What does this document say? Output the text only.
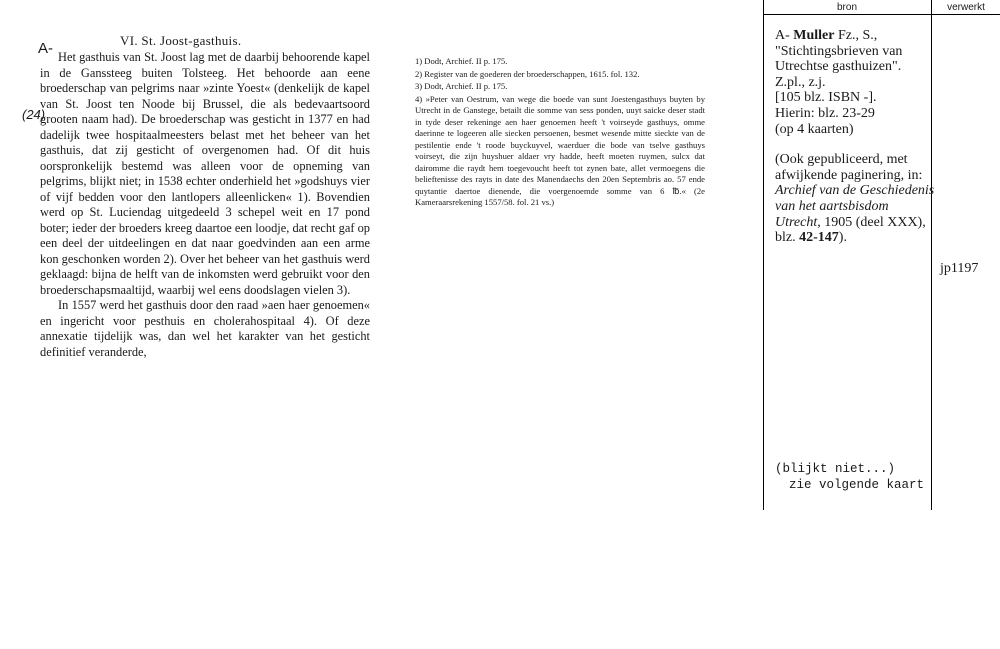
A-	VI. St. Joost-gasthuis.
(24)

Het gasthuis van St. Joost lag met de daarbij behoorende kapel in de Ganssteeg buiten Tolsteeg. Het behoorde aan eene broederschap van pelgrims naar »zinte Yoest« (denkelijk de kapel van St. Joost ten Noode bij Brussel, die als bedevaartsoord grooten naam had). De broederschap was gesticht in 1377 en had dadelijk twee hospitaalmeesters belast met het beheer van het gasthuis, dat zij gesticht of overgenomen had. Of dit huis oorspronkelijk bestemd was alleen voor de opneming van pelgrims, blijkt niet; in 1538 echter onderhield het »godshuys vier of vijf bedden voor den lantlopers alleenlicken« 1). Bovendien werd op St. Luciendag uitgedeeld 3 schepel weit en 17 pond boter; ieder der broeders kreeg daartoe een loodje, dat recht gaf op een deel der uitdeelingen en dat naar goedvinden aan een arme kon geschonken worden 2). Over het beheer van het gasthuis werd geklaagd: bijna de helft van de inkomsten werd gebruikt voor den broederschapsmaaltijd, waarbij wel eens doodslagen vielen 3).

In 1557 werd het gasthuis door den raad »aen haer genoemen« en ingericht voor pesthuis en cholerahospitaal 4). Of deze annexatie tijdelijk was, dan wel het karakter van het gesticht definitief veranderde,

1) Dodt, Archief. II p. 175.
2) Register van de goederen der broederschappen, 1615. fol. 132.
3) Dodt, Archief. II p. 175.
4) »Peter van Oestrum, van wege die boede van sunt Joestengasthuys buyten by Utrecht in de Ganstege, betailt die somme van sess ponden, uuyt saicke deser stadt in tyde deser rekeninge aen haer genoemen heeft 't voirseyde gasthuys, omme daerinne te logeeren alle siecken persoenen, besmet wesende mitte sieckte van de pestilentie ende 't roode buyckuyvel, waerduer die bode van tselve gasthuys voirseyt, die zijn huyshuer aldaer vry hadde, heeft moeten ruymen, sulcx dat dairomme die raydt hem toegevoucht heeft tot zynen bate, allet vermoegens die belieftenisse des rayts in date des Manendaechs den 20en Septembris ao. 57 ende quytantie daertoe dienende, die voergenoemde somme van 6 ℔.« (2e Kameraarsrekening 1557/58. fol. 21 vs.)
bron	verwerkt
A- Muller Fz., S.,
"Stichtingsbrieven van Utrechtse gasthuizen".
Z.pl., z.j.
[105 blz. ISBN -].
Hierin: blz. 23-29
(op 4 kaarten)
(Ook gepubliceerd, met afwijkende paginering, in: Archief van de Geschiedenis van het aartsbisdom Utrecht, 1905 (deel XXX), blz. 42-147).
jp1197
(blijkt niet...)
zie volgende kaart
